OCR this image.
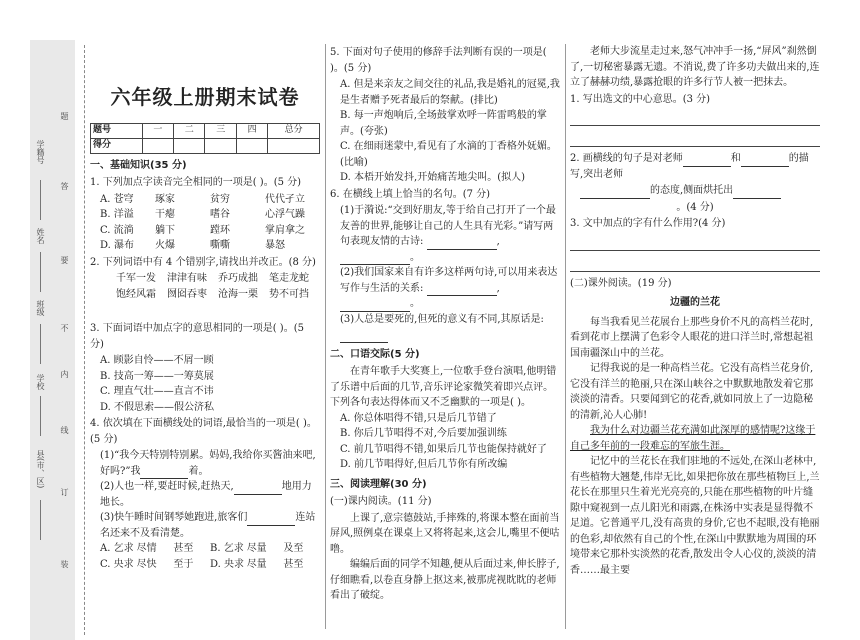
题
答
要
不
内
线
订
装
学籍号
姓名
班级
学校
县(市、区)
六年级上册期末试卷
题号	一	二	三	四	总分
得分					
一、基础知识(35 分)
1. 下列加点字读音完全相同的一项是( )。(5 分)
A. 苍穹	琢家	贫穷	代代孑立
B. 洋溢	干瘪	嗜谷	心浮气躁
C. 流淌	躺下	蹚环	掌肩拿之
D. 瀑布	火爆	嘶嘶	暴怒
2. 下列词语中有 4 个错别字,请找出并改正。(8 分)
千军一发	津津有味	乔巧成拙	笔走龙蛇
饱经风霜	囫囵吞枣	沧海一栗	势不可挡
3. 下面词语中加点字的意思相同的一项是( )。(5 分)
A. 顾影自怜——不屑一顾
B. 技高一筹——一筹莫展
C. 理直气壮——直言不讳
D. 不假思索——假公济私
4. 依次填在下面横线处的词语,最恰当的一项是( )。(5 分)
(1)“我今天特别特别累。妈妈,我给你买酱油来吧,好吗?”我	着。
(2)人也一样,要赶时候,赶热天,	地用力地长。
(3)快午睡时间钢琴她跑进,旅客们	连站名还来不及看清楚。
A. 乞求 尽情	甚至	B. 乞求 尽量	及至
C. 央求 尽快	至于	D. 央求 尽量	甚至
5. 下面对句子使用的修辞手法判断有误的一项是( )。(5 分)
A. 但是来亲友之间交往的礼品,我是婚礼的冠冕,我是生者赠予死者最后的祭献。(排比)
B. 每一声炮响后,全场鼓掌欢呼一阵雷鸣般的掌声。(夸张)
C. 在细雨迷蒙中,看见有了水滴的丁香格外妩媚。(比喻)
D. 本梧开始发抖,开始痛苦地尖叫。(拟人)
6. 在横线上填上恰当的名句。(7 分)
(1)于漪说:“交到好朋友,等于给自己打开了一个最友善的世界,能够让自己的人生具有光彩。”请写两句表现友情的古诗:	, 。
(2)我们国家来自有许多这样两句诗,可以用来表达写作与生活的关系:	, 。
(3)人总是要死的,但死的意义有不同,其原话是:
二、口语交际(5 分)

在青年歌手大奖赛上,一位歌手登台演唱,他明错了乐谱中后面的几节,音乐评论家微笑着即兴点评。下列各句表达得体而又不乏幽默的一项是( )。

A. 你总体唱得不错,只是后几节错了
B. 你后几节唱得不对,今后要加强训练
C. 前几节唱得不错,如果后几节也能保持就好了
D. 前几节唱得好,但后几节你有所改编
三、阅读理解(30 分)
(一)课内阅读。(11 分)

上课了,意宗德鼓站,手摔殊的,将课本整在面前当屏风,照例桌在课桌上又将将起来,这会儿,嘴里不便咕噜。

编编后面的同学不知趣,便从后面过来,伸长脖子,仔细瞧看,以卷直身静上抠这来,被那虎视眈眈的老师看出了破绽。

老师大步流星走过来,怒气冲冲手一扬,“屏风”刹然倒了,一切秘密暴露无遗。不消说,费了许多功夫做出来的,连立了赫赫功绩,暴露抢眼的许多行节人被一把抹去。

1. 写出选文的中心意思。(3 分)
2. 画横线的句子是对老师	和	的描写,突出老师
的态度,侧面烘托出
。(4 分)
3. 文中加点的字有什么作用?(4 分)
(二)课外阅读。(19 分)
边疆的兰花

每当我看见兰花展台上那些身价不凡的高档兰花时,看到花市上摆满了色彩令人眼花的进口洋兰时,常想起祖国南疆深山中的兰花。

记得我说的是一种高档兰花。它没有高档兰花身价,它没有洋兰的艳丽,只在深山峡谷之中默默地散发着它那淡淡的清香。只要闻到它的花香,就如同放上了一边隐秘的清新,沁人心肺!

我为什么对边疆兰花充满如此深厚的感情呢?这缘于自己多年前的一段难忘的军旅生涯。

记忆中的兰花长在我们驻地的不远处,在深山老林中,有些植物大翘楚,伟岸无比,如果把你放在那些植物巨上,兰花长在那里只生着光光亮亮的,只能在那些植物的叶片缝隙中窥视到一点儿阳光和雨露,在株汤中实表是显得微不足道。它普通平几,没有高贵的身价,它也不起眼,没有艳丽的色彩,却依然有自己的个性,在深山中默默地为周围的环境带来它那朴实淡然的花香,散发出令人心仪的,淡淡的清香……最主要
